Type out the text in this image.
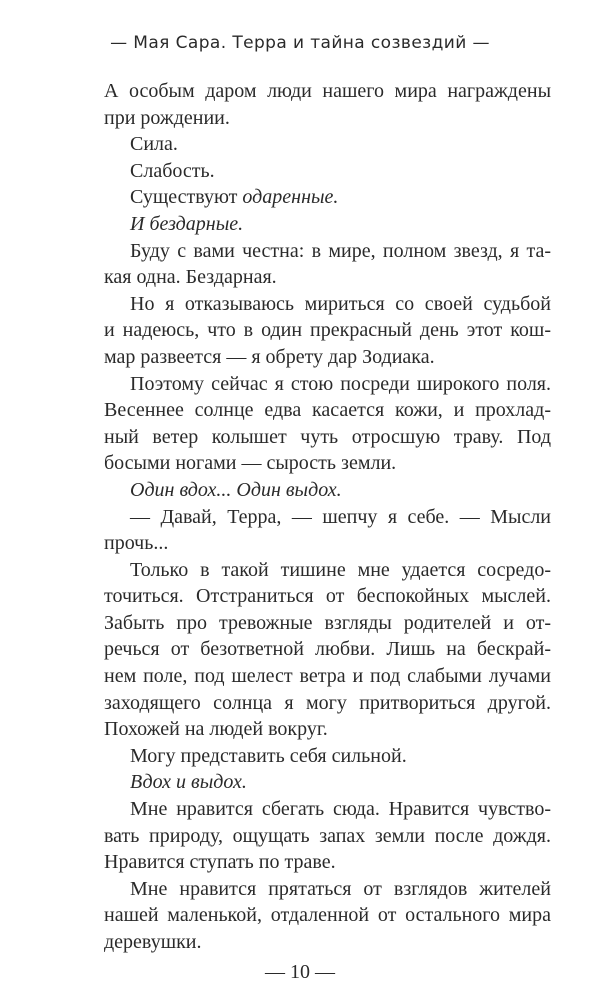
— Мая Сара. Терра и тайна созвездий —
А особым даром люди нашего мира награждены
при рождении.
Сила.
Слабость.
Существуют одаренные.
И бездарные.
Буду с вами честна: в мире, полном звезд, я та-
кая одна. Бездарная.
Но я отказываюсь мириться со своей судьбой
и надеюсь, что в один прекрасный день этот кош-
мар развеется — я обрету дар Зодиака.
Поэтому сейчас я стою посреди широкого поля.
Весеннее солнце едва касается кожи, и прохлад-
ный ветер колышет чуть отросшую траву. Под
босыми ногами — сырость земли.
Один вдох... Один выдох.
— Давай, Терра, — шепчу я себе. — Мысли
прочь...
Только в такой тишине мне удается сосредо-
точиться. Отстраниться от беспокойных мыслей.
Забыть про тревожные взгляды родителей и от-
речься от безответной любви. Лишь на бескрай-
нем поле, под шелест ветра и под слабыми лучами
заходящего солнца я могу притвориться другой.
Похожей на людей вокруг.
Могу представить себя сильной.
Вдох и выдох.
Мне нравится сбегать сюда. Нравится чувство-
вать природу, ощущать запах земли после дождя.
Нравится ступать по траве.
Мне нравится прятаться от взглядов жителей
нашей маленькой, отдаленной от остального мира
деревушки.
— 10 —
